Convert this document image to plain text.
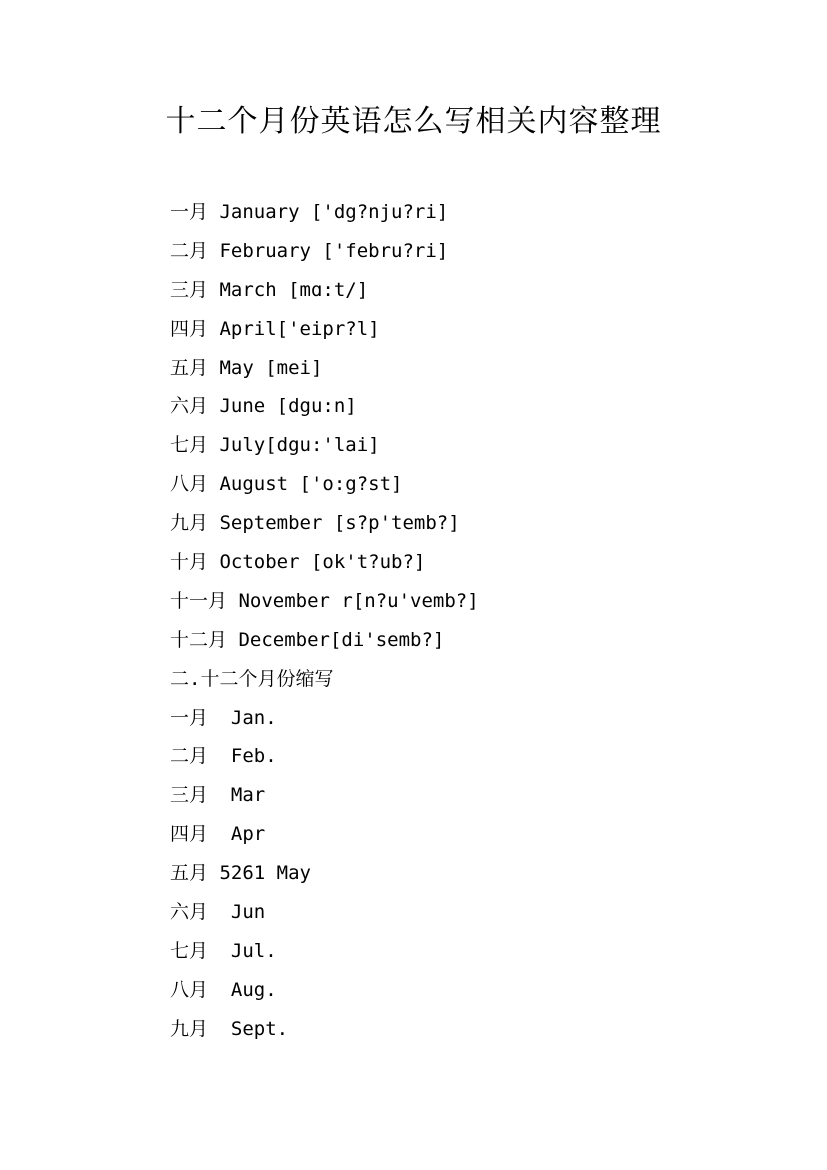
十二个月份英语怎么写相关内容整理
一月 January ['dg?nju?ri]
二月 February ['febru?ri]
三月 March [mɑ:t/]
四月 April['eipr?l]
五月 May [mei]
六月 June [dgu:n]
七月 July[dgu:'lai]
八月 August ['o:g?st]
九月 September [s?p'temb?]
十月 October [ok't?ub?]
十一月 November r[n?u'vemb?]
十二月 December[di'semb?]
二.十二个月份缩写
一月  Jan.
二月  Feb.
三月  Mar
四月  Apr
五月 5261 May
六月  Jun
七月  Jul.
八月  Aug.
九月  Sept.
